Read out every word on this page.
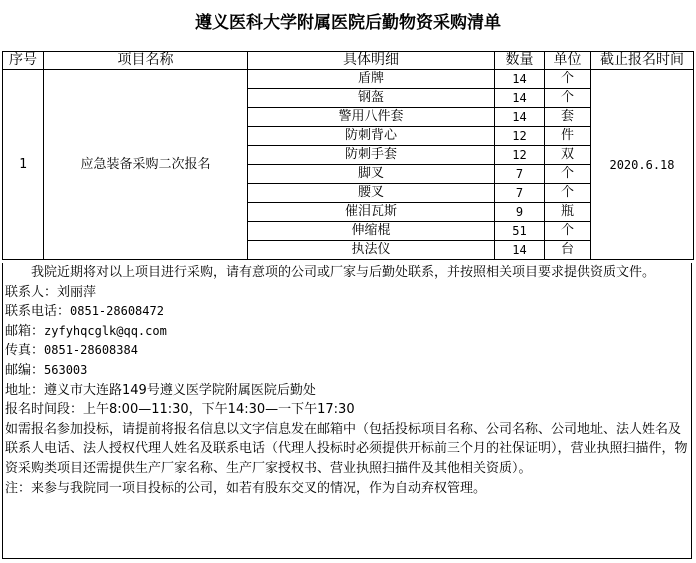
遵义医科大学附属医院后勤物资采购清单
序号	项目名称	具体明细	数量	单位	截止报名时间
1	应急装备采购二次报名	盾牌	14	个	2020.6.18
		钢盔	14	个	
		警用八件套	14	套	
		防刺背心	12	件	
		防刺手套	12	双	
		脚叉	7	个	
		腰叉	7	个	
		催泪瓦斯	9	瓶	
		伸缩棍	51	个	
		执法仪	14	台	

我院近期将对以上项目进行采购，请有意项的公司或厂家与后勤处联系，并按照相关项目要求提供资质文件。

联系人：刘丽萍

联系电话：0851-28608472

邮箱：zyfyhqcglk@qq.com

传真：0851-28608384

邮编：563003

地址：遵义市大连路149号遵义医学院附属医院后勤处

报名时间段：上午8:00—11:30，下午14:30—一下午17:30

如需报名参加投标，请提前将报名信息以文字信息发在邮箱中（包括投标项目名称、公司名称、公司地址、法人姓名及联系人电话、法人授权代理人姓名及联系电话（代理人投标时必须提供开标前三个月的社保证明），营业执照扫描件，物资采购类项目还需提供生产厂家名称、生产厂家授权书、营业执照扫描件及其他相关资质）。

注：来参与我院同一项目投标的公司，如若有股东交叉的情况，作为自动弃权管理。
